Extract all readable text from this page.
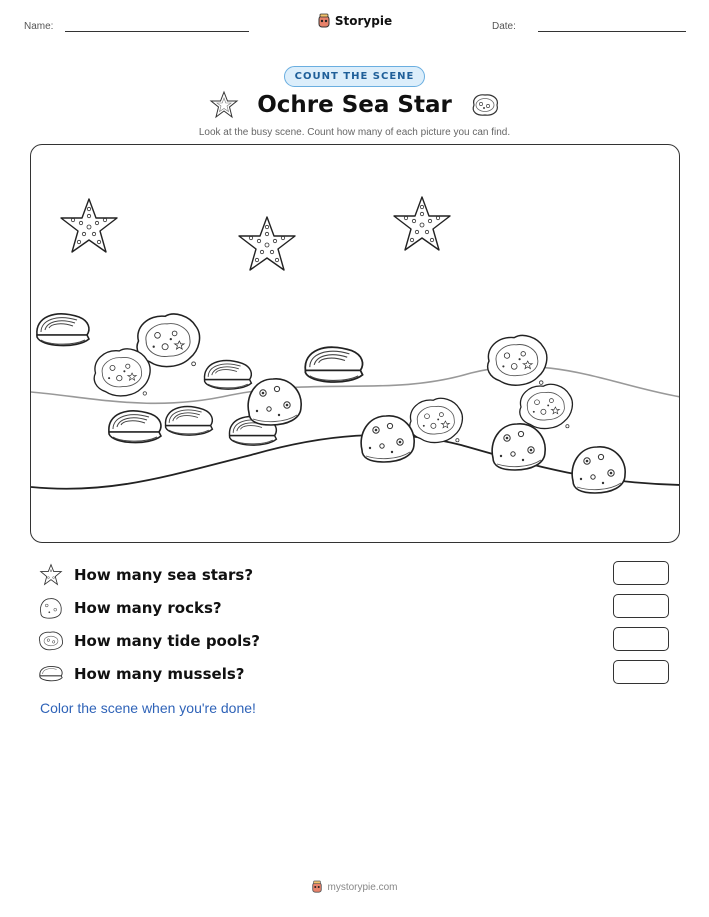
Name:	Storypie	Date:
COUNT THE SCENE
Ochre Sea Star
Look at the busy scene. Count how many of each picture you can find.
How many sea stars?
How many rocks?
How many tide pools?
How many mussels?
Color the scene when you're done!
mystorypie.com
